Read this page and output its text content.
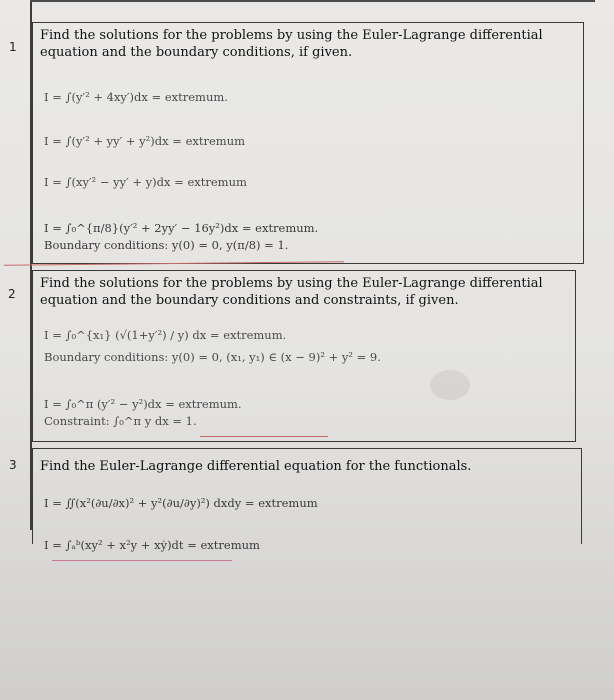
1
Find the solutions for the problems by using the Euler-Lagrange differential equation and the boundary conditions, if given.
I = ∫(y′² + 4xy′)dx = extremum.
I = ∫(y′² + yy′ + y²)dx = extremum
I = ∫(xy′² − yy′ + y)dx = extremum
I = ∫₀^{π/8}(y′² + 2yy′ − 16y²)dx = extremum.
Boundary conditions: y(0) = 0, y(π/8) = 1.
2
Find the solutions for the problems by using the Euler-Lagrange differential equation and the boundary conditions and constraints, if given.
I = ∫₀^{x₁} (√(1+y′²) / y) dx = extremum.
Boundary conditions: y(0) = 0, (x₁, y₁) ∈ (x − 9)² + y² = 9.
I = ∫₀^π (y′² − y²)dx = extremum.
Constraint: ∫₀^π y dx = 1.
3 Find the Euler-Lagrange differential equation for the functionals.
I = ∬(x²(∂u/∂x)² + y²(∂u/∂y)²) dxdy = extremum
I = ∫ₐᵇ(xy² + x²y + xẏ)dt = extremum
